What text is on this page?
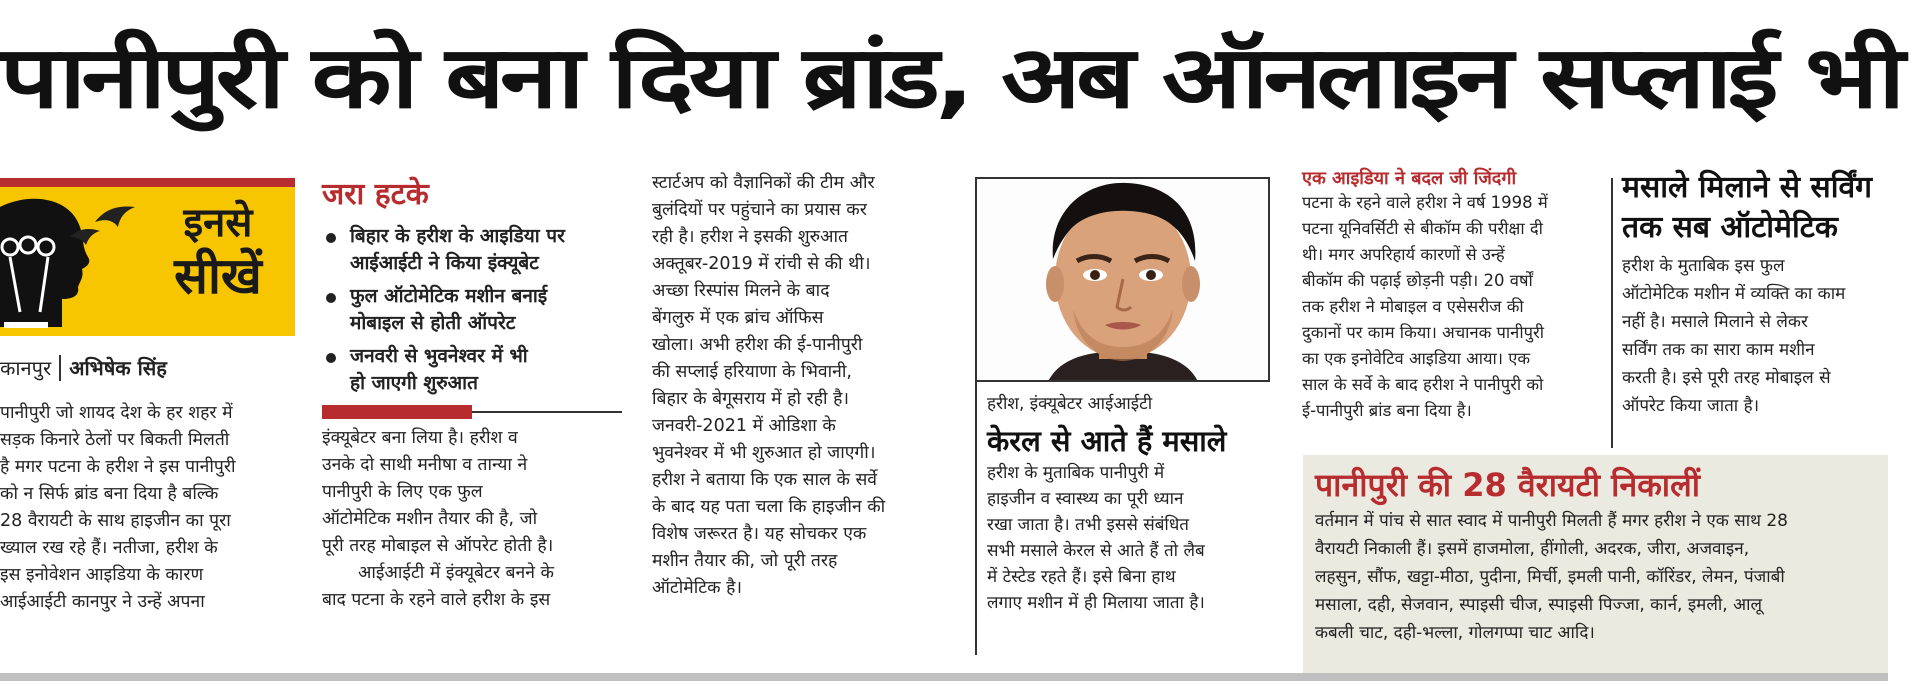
पानीपुरी को बना दिया ब्रांड, अब ऑनलाइन सप्लाई भी
इनसे
सीखें
कानपुर अभिषेक सिंह

पानीपुरी जो शायद देश के हर शहर में

सड़क किनारे ठेलों पर बिकती मिलती

है मगर पटना के हरीश ने इस पानीपुरी

को न सिर्फ ब्रांड बना दिया है बल्कि

28 वैरायटी के साथ हाइजीन का पूरा

ख्याल रख रहे हैं। नतीजा, हरीश के

इस इनोवेशन आइडिया के कारण

आईआईटी कानपुर ने उन्हें अपना

जरा हटके
बिहार के हरीश के आइडिया पर
आईआईटी ने किया इंक्यूबेट
फुल ऑटोमेटिक मशीन बनाई
मोबाइल से होती ऑपरेट
जनवरी से भुवनेश्वर में भी
हो जाएगी शुरुआत

इंक्यूबेटर बना लिया है। हरीश व

उनके दो साथी मनीषा व तान्या ने

पानीपुरी के लिए एक फुल

ऑटोमेटिक मशीन तैयार की है, जो

पूरी तरह मोबाइल से ऑपरेट होती है।

आईआईटी में इंक्यूबेटर बनने के

बाद पटना के रहने वाले हरीश के इस

स्टार्टअप को वैज्ञानिकों की टीम और

बुलंदियों पर पहुंचाने का प्रयास कर

रही है। हरीश ने इसकी शुरुआत

अक्तूबर-2019 में रांची से की थी।

अच्छा रिस्पांस मिलने के बाद

बेंगलुरु में एक ब्रांच ऑफिस

खोला। अभी हरीश की ई-पानीपुरी

की सप्लाई हरियाणा के भिवानी,

बिहार के बेगूसराय में हो रही है।

जनवरी-2021 में ओडिशा के

भुवनेश्वर में भी शुरुआत हो जाएगी।

हरीश ने बताया कि एक साल के सर्वे

के बाद यह पता चला कि हाइजीन की

विशेष जरूरत है। यह सोचकर एक

मशीन तैयार की, जो पूरी तरह

ऑटोमेटिक है।

हरीश, इंक्यूबेटर आईआईटी
केरल से आते हैं मसाले

हरीश के मुताबिक पानीपुरी में

हाइजीन व स्वास्थ्य का पूरी ध्यान

रखा जाता है। तभी इससे संबंधित

सभी मसाले केरल से आते हैं तो लैब

में टेस्टेड रहते हैं। इसे बिना हाथ

लगाए मशीन में ही मिलाया जाता है।

एक आइडिया ने बदल जी जिंदगी

पटना के रहने वाले हरीश ने वर्ष 1998 में

पटना यूनिवर्सिटी से बीकॉम की परीक्षा दी

थी। मगर अपरिहार्य कारणों से उन्हें

बीकॉम की पढ़ाई छोड़नी पड़ी। 20 वर्षों

तक हरीश ने मोबाइल व एसेसरीज की

दुकानों पर काम किया। अचानक पानीपुरी

का एक इनोवेटिव आइडिया आया। एक

साल के सर्वे के बाद हरीश ने पानीपुरी को

ई-पानीपुरी ब्रांड बना दिया है।

मसाले मिलाने से सर्विंग
तक सब ऑटोमेटिक

हरीश के मुताबिक इस फुल

ऑटोमेटिक मशीन में व्यक्ति का काम

नहीं है। मसाले मिलाने से लेकर

सर्विंग तक का सारा काम मशीन

करती है। इसे पूरी तरह मोबाइल से

ऑपरेट किया जाता है।

पानीपुरी की 28 वैरायटी निकालीं

वर्तमान में पांच से सात स्वाद में पानीपुरी मिलती हैं मगर हरीश ने एक साथ 28

वैरायटी निकाली हैं। इसमें हाजमोला, हींगोली, अदरक, जीरा, अजवाइन,

लहसुन, सौंफ, खट्टा-मीठा, पुदीना, मिर्ची, इमली पानी, कॉरिंडर, लेमन, पंजाबी

मसाला, दही, सेजवान, स्पाइसी चीज, स्पाइसी पिज्जा, कार्न, इमली, आलू

कबली चाट, दही-भल्ला, गोलगप्पा चाट आदि।
